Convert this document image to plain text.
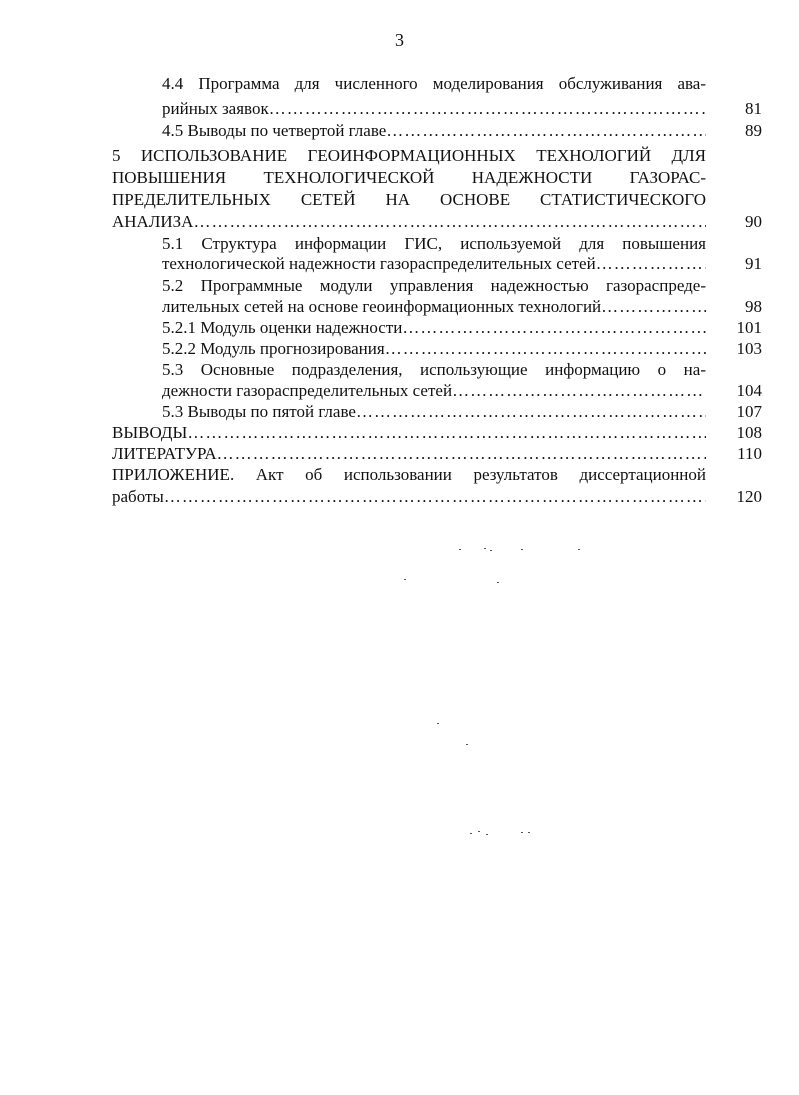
3
4.4 Программа для численного моделирования обслуживания ава-
рийных заявок ……………………………………………………………………………………………………………………………………………………………………………………	81
4.5 Выводы по четвертой главе ……………………………………………………………………………………………………………………………………………………………………………………	89
5 ИСПОЛЬЗОВАНИЕ ГЕОИНФОРМАЦИОННЫХ ТЕХНОЛОГИЙ ДЛЯ
ПОВЫШЕНИЯ ТЕХНОЛОГИЧЕСКОЙ НАДЕЖНОСТИ ГАЗОРАС-
ПРЕДЕЛИТЕЛЬНЫХ СЕТЕЙ НА ОСНОВЕ СТАТИСТИЧЕСКОГО
АНАЛИЗА ……………………………………………………………………………………………………………………………………………………………………………………	90
5.1 Структура информации ГИС, используемой для повышения
технологической надежности газораспределительных сетей ……………………………………………………………………………………………………………………………………………………………………………………	91
5.2 Программные модули управления надежностью газораспреде-
лительных сетей на основе геоинформационных технологий ……………………………………………………………………………………………………………………………………………………………………………………	98
5.2.1 Модуль оценки надежности ……………………………………………………………………………………………………………………………………………………………………………………	101
5.2.2 Модуль прогнозирования ……………………………………………………………………………………………………………………………………………………………………………………	103
5.3 Основные подразделения, использующие информацию о на-
дежности газораспределительных сетей ……………………………………………………………………………………………………………………………………………………………………………………	104
5.3 Выводы по пятой главе ……………………………………………………………………………………………………………………………………………………………………………………	107
ВЫВОДЫ ……………………………………………………………………………………………………………………………………………………………………………………	108
ЛИТЕРАТУРА ……………………………………………………………………………………………………………………………………………………………………………………	110
ПРИЛОЖЕНИЕ. Акт об использовании результатов диссертационной
работы ……………………………………………………………………………………………………………………………………………………………………………………	120
